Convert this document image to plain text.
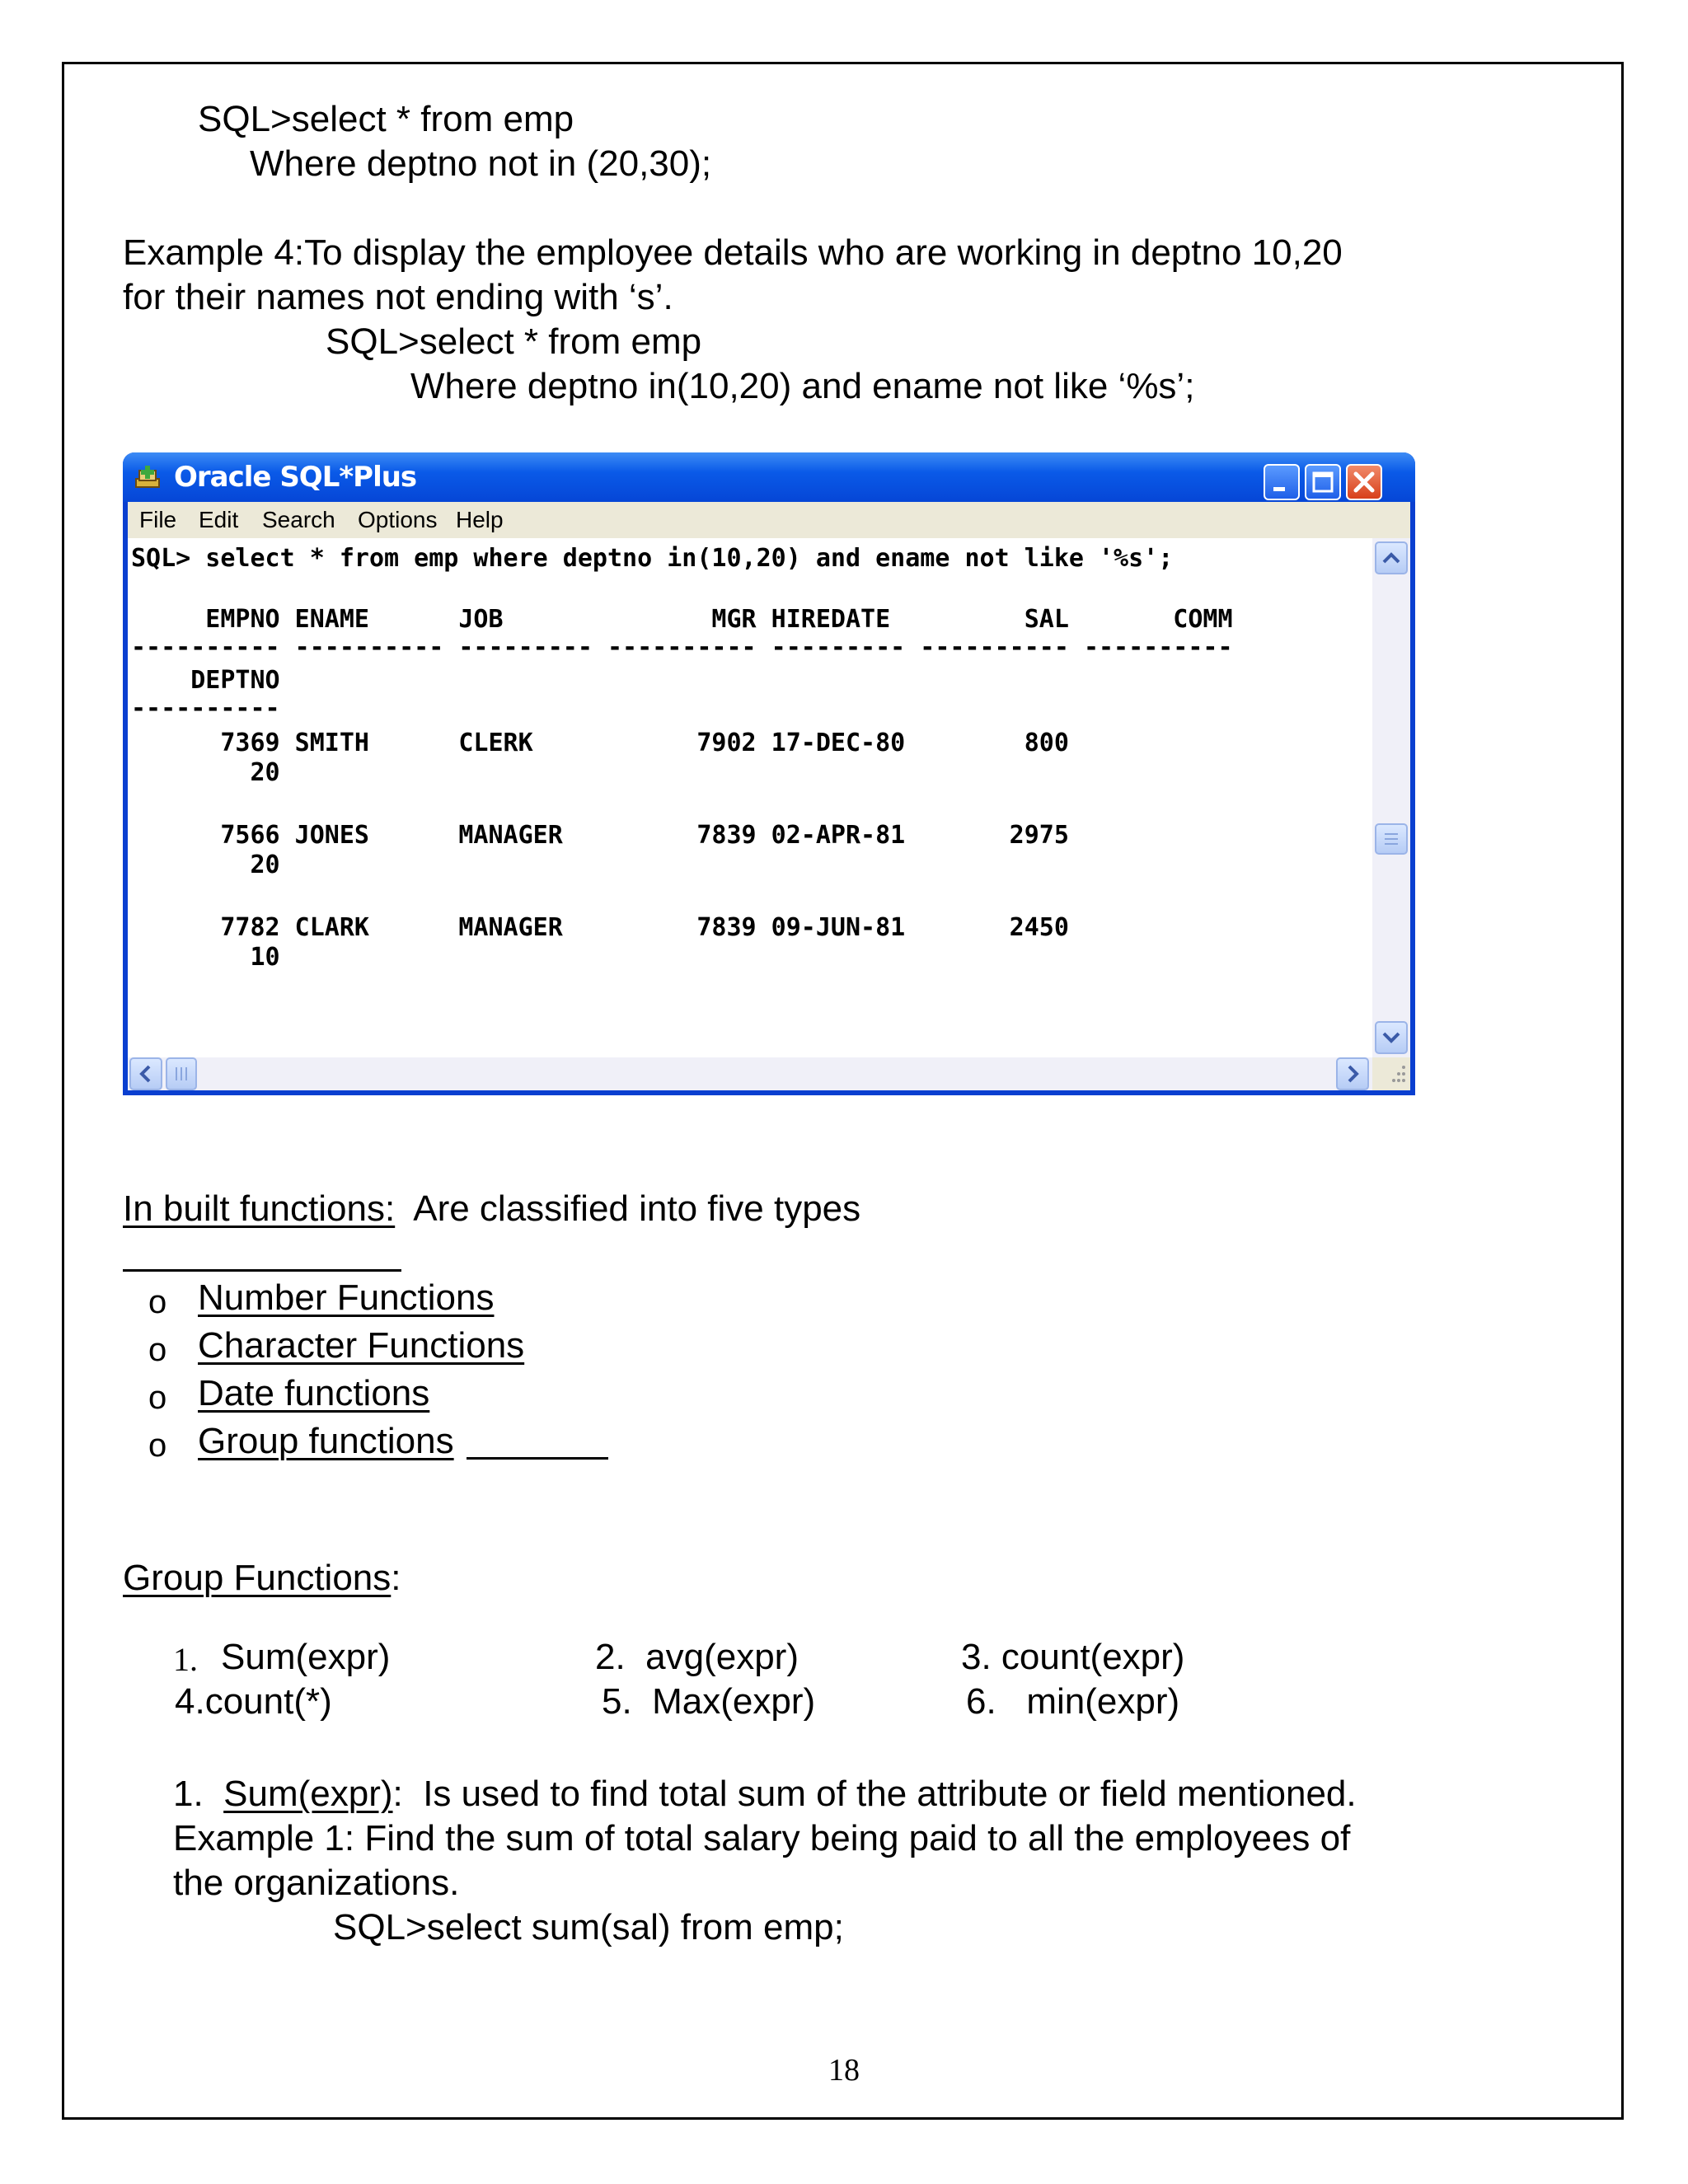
SQL>select * from emp
Where deptno not in (20,30);
Example 4:To display the employee details who are working in deptno 10,20
for their names not ending with ‘s’.
SQL>select * from emp
Where deptno in(10,20) and ename not like ‘%s’;
Oracle SQL*Plus
File Edit Search Options Help
SQL> select * from emp where deptno in(10,20) and ename not like '%s';
EMPNO ENAME      JOB              MGR HIREDATE         SAL       COMM
---------- ---------- --------- ---------- --------- ---------- ----------
DEPTNO
----------
7369 SMITH      CLERK           7902 17-DEC-80        800
20
7566 JONES      MANAGER         7839 02-APR-81       2975
20
7782 CLARK      MANAGER         7839 09-JUN-81       2450
10
In built functions:  Are classified into five types
o Number Functions
o Character Functions
o Date functions
o Group functions
Group Functions:
1. Sum(expr)	2.  avg(expr)	3. count(expr)
4.count(*)	5.  Max(expr)	6.   min(expr)
1.  Sum(expr):  Is used to find total sum of the attribute or field mentioned.
Example 1: Find the sum of total salary being paid to all the employees of
the organizations.
SQL>select sum(sal) from emp;
18
